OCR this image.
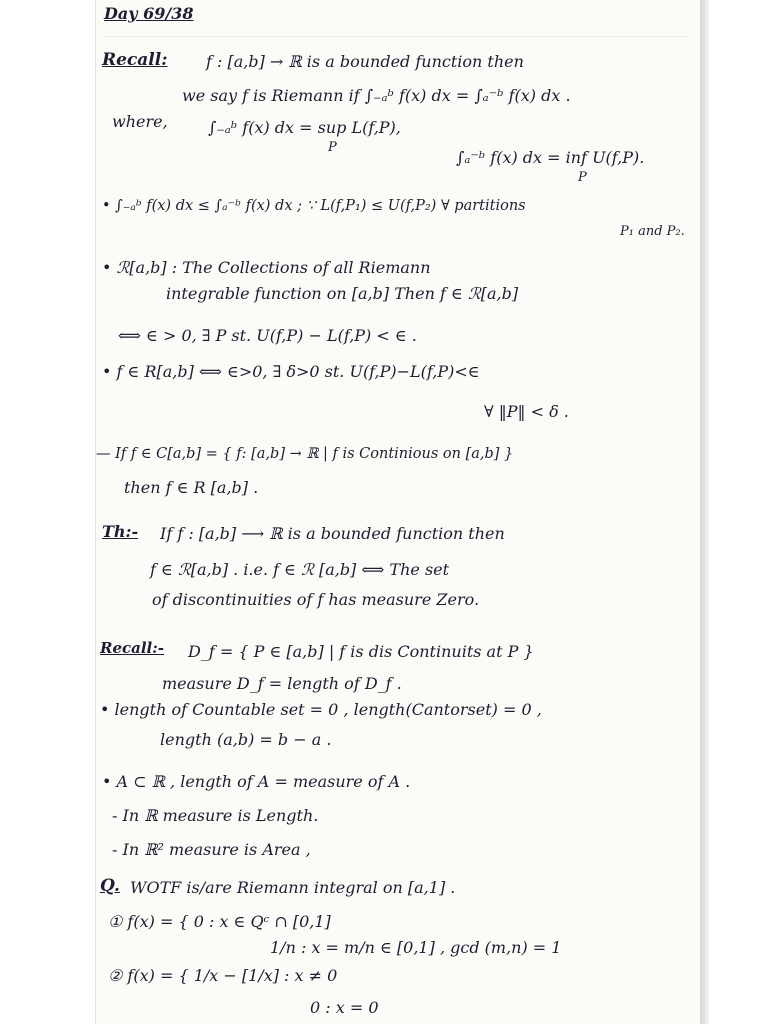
Day 69/38
Recall: f : [a,b] → ℝ is a bounded function then
we say f is Riemann if ∫₋ₐᵇ f(x) dx = ∫ₐ⁻ᵇ f(x) dx .
where,	∫₋ₐᵇ f(x) dx = sup L(f,P),
P
∫ₐ⁻ᵇ f(x) dx = inf U(f,P).
P
• ∫₋ₐᵇ f(x) dx ≤ ∫ₐ⁻ᵇ f(x) dx ; ∵ L(f,P₁) ≤ U(f,P₂) ∀ partitions
P₁ and P₂.
• ℛ[a,b] : The Collections of all Riemann
integrable function on [a,b] Then f ∈ ℛ[a,b]
⟺ ∈ > 0, ∃ P st. U(f,P) − L(f,P) < ∈ .
• f ∈ R[a,b] ⟺ ∈>0, ∃ δ>0 st. U(f,P)−L(f,P)<∈
∀ ‖P‖ < δ .
— If f ∈ C[a,b] = { f: [a,b] → ℝ | f is Continious on [a,b] }
then f ∈ R [a,b] .
Th:- If f : [a,b] ⟶ ℝ is a bounded function then
f ∈ ℛ[a,b] . i.e. f ∈ ℛ [a,b] ⟺ The set
of discontinuities of f has measure Zero.
Recall:- D_f = { P ∈ [a,b] | f is dis Continuits at P }
measure D_f = length of D_f .
• length of Countable set = 0 , length(Cantorset) = 0 ,
length (a,b) = b − a .
• A ⊂ ℝ , length of A = measure of A .
- In ℝ measure is Length.
- In ℝ² measure is Area ,
Q. WOTF is/are Riemann integral on [a,1] .
① f(x) = { 0 : x ∈ Qᶜ ∩ [0,1]
1/n : x = m/n ∈ [0,1] , gcd (m,n) = 1
② f(x) = { 1/x − [1/x] : x ≠ 0
0 : x = 0
